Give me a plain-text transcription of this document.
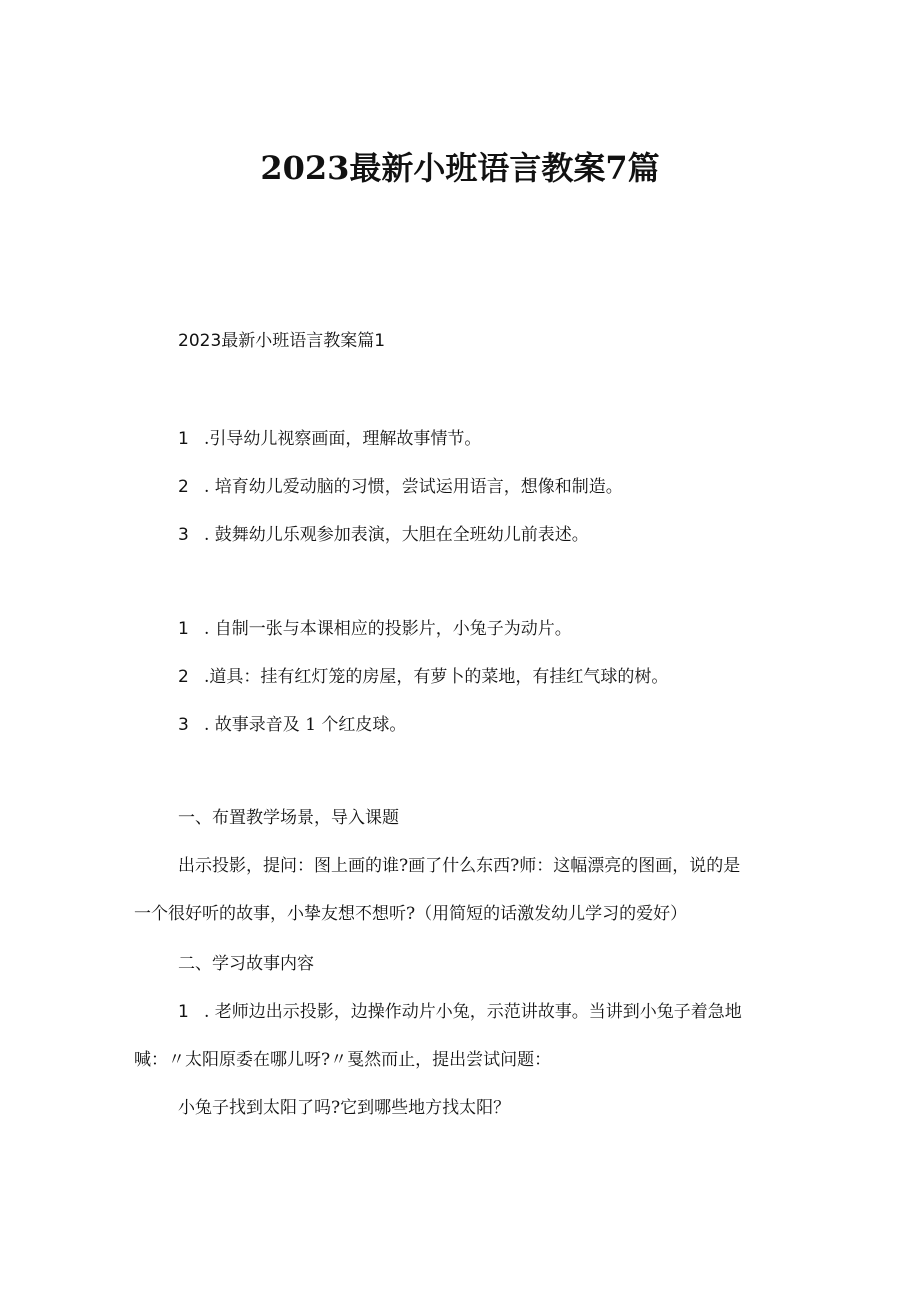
2023最新小班语言教案7篇

2023最新小班语言教案篇1

1 .引导幼儿视察画面，理解故事情节。

2 . 培育幼儿爱动脑的习惯，尝试运用语言，想像和制造。

3 . 鼓舞幼儿乐观参加表演，大胆在全班幼儿前表述。

1 . 自制一张与本课相应的投影片，小兔子为动片。

2 .道具：挂有红灯笼的房屋，有萝卜的菜地，有挂红气球的树。

3 . 故事录音及 1 个红皮球。

一、布置教学场景，导入课题

出示投影，提问：图上画的谁?画了什么东西?师：这幅漂亮的图画，说的是

一个很好听的故事，小挚友想不想听?（用简短的话激发幼儿学习的爱好）

二、学习故事内容

1 . 老师边出示投影，边操作动片小兔，示范讲故事。当讲到小兔子着急地

喊：〃太阳原委在哪儿呀?〃戛然而止，提出尝试问题：

小兔子找到太阳了吗?它到哪些地方找太阳？
